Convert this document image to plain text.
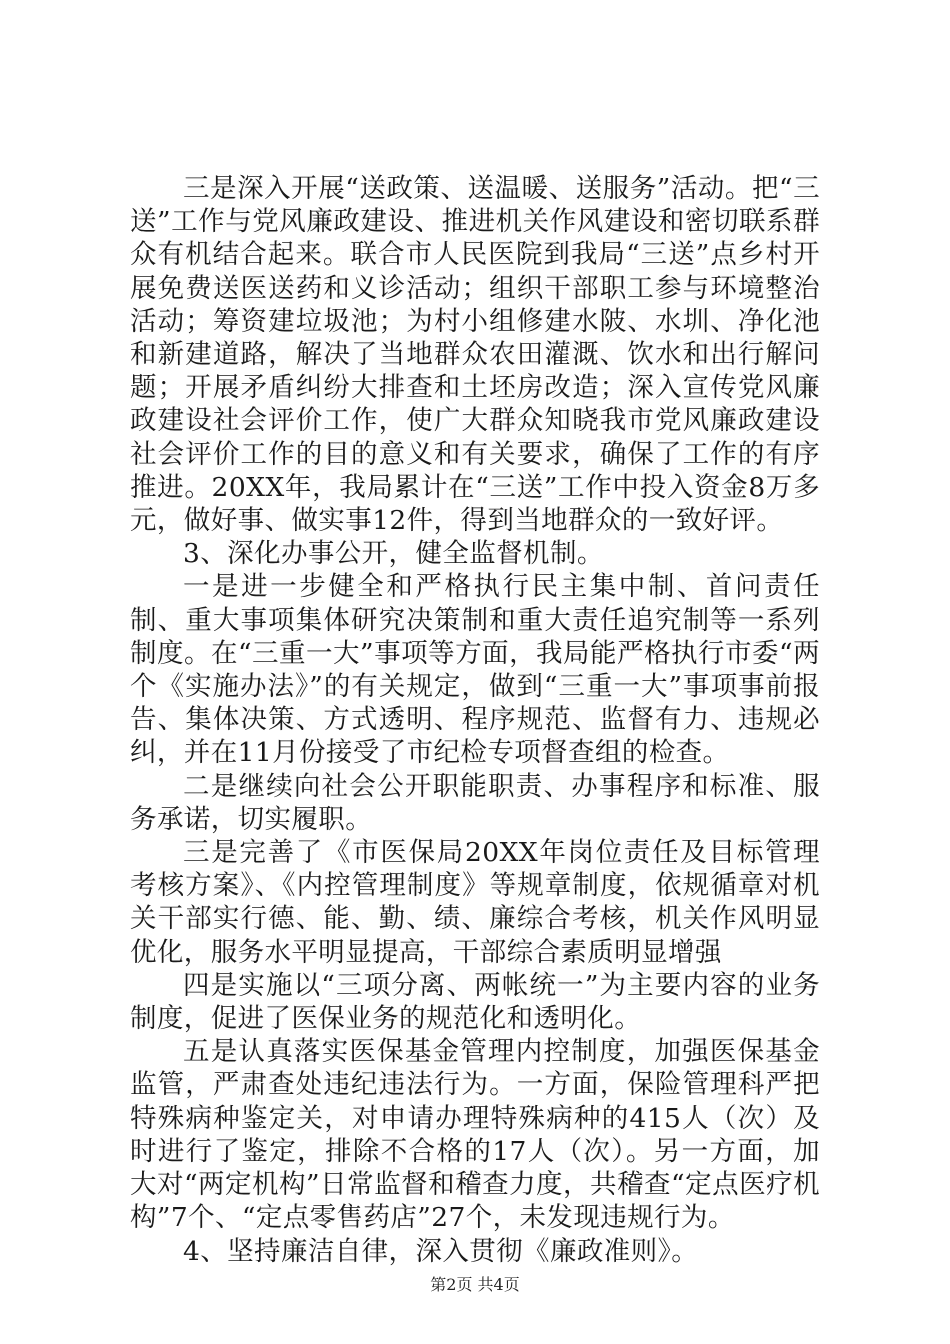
三是深入开展“送政策、送温暖、送服务”活动。把“三送”工作与党风廉政建设、推进机关作风建设和密切联系群众有机结合起来。联合市人民医院到我局“三送”点乡村开展免费送医送药和义诊活动；组织干部职工参与环境整治活动；筹资建垃圾池；为村小组修建水陂、水圳、净化池和新建道路，解决了当地群众农田灌溉、饮水和出行解问题；开展矛盾纠纷大排查和土坯房改造；深入宣传党风廉政建设社会评价工作，使广大群众知晓我市党风廉政建设社会评价工作的目的意义和有关要求，确保了工作的有序推进。20XX年，我局累计在“三送”工作中投入资金8万多元，做好事、做实事12件，得到当地群众的一致好评。

3、深化办事公开，健全监督机制。

一是进一步健全和严格执行民主集中制、首问责任制、重大事项集体研究决策制和重大责任追究制等一系列制度。在“三重一大”事项等方面，我局能严格执行市委“两个《实施办法》”的有关规定，做到“三重一大”事项事前报告、集体决策、方式透明、程序规范、监督有力、违规必纠，并在11月份接受了市纪检专项督查组的检查。

二是继续向社会公开职能职责、办事程序和标准、服务承诺，切实履职。

三是完善了《市医保局20XX年岗位责任及目标管理考核方案》、《内控管理制度》等规章制度，依规循章对机关干部实行德、能、勤、绩、廉综合考核，机关作风明显优化，服务水平明显提高，干部综合素质明显增强

四是实施以“三项分离、两帐统一”为主要内容的业务制度，促进了医保业务的规范化和透明化。

五是认真落实医保基金管理内控制度，加强医保基金监管，严肃查处违纪违法行为。一方面，保险管理科严把特殊病种鉴定关，对申请办理特殊病种的415人（次）及时进行了鉴定，排除不合格的17人（次）。另一方面，加大对“两定机构”日常监督和稽查力度，共稽查“定点医疗机构”7个、“定点零售药店”27个，未发现违规行为。

4、坚持廉洁自律，深入贯彻《廉政准则》。

第2页 共4页
